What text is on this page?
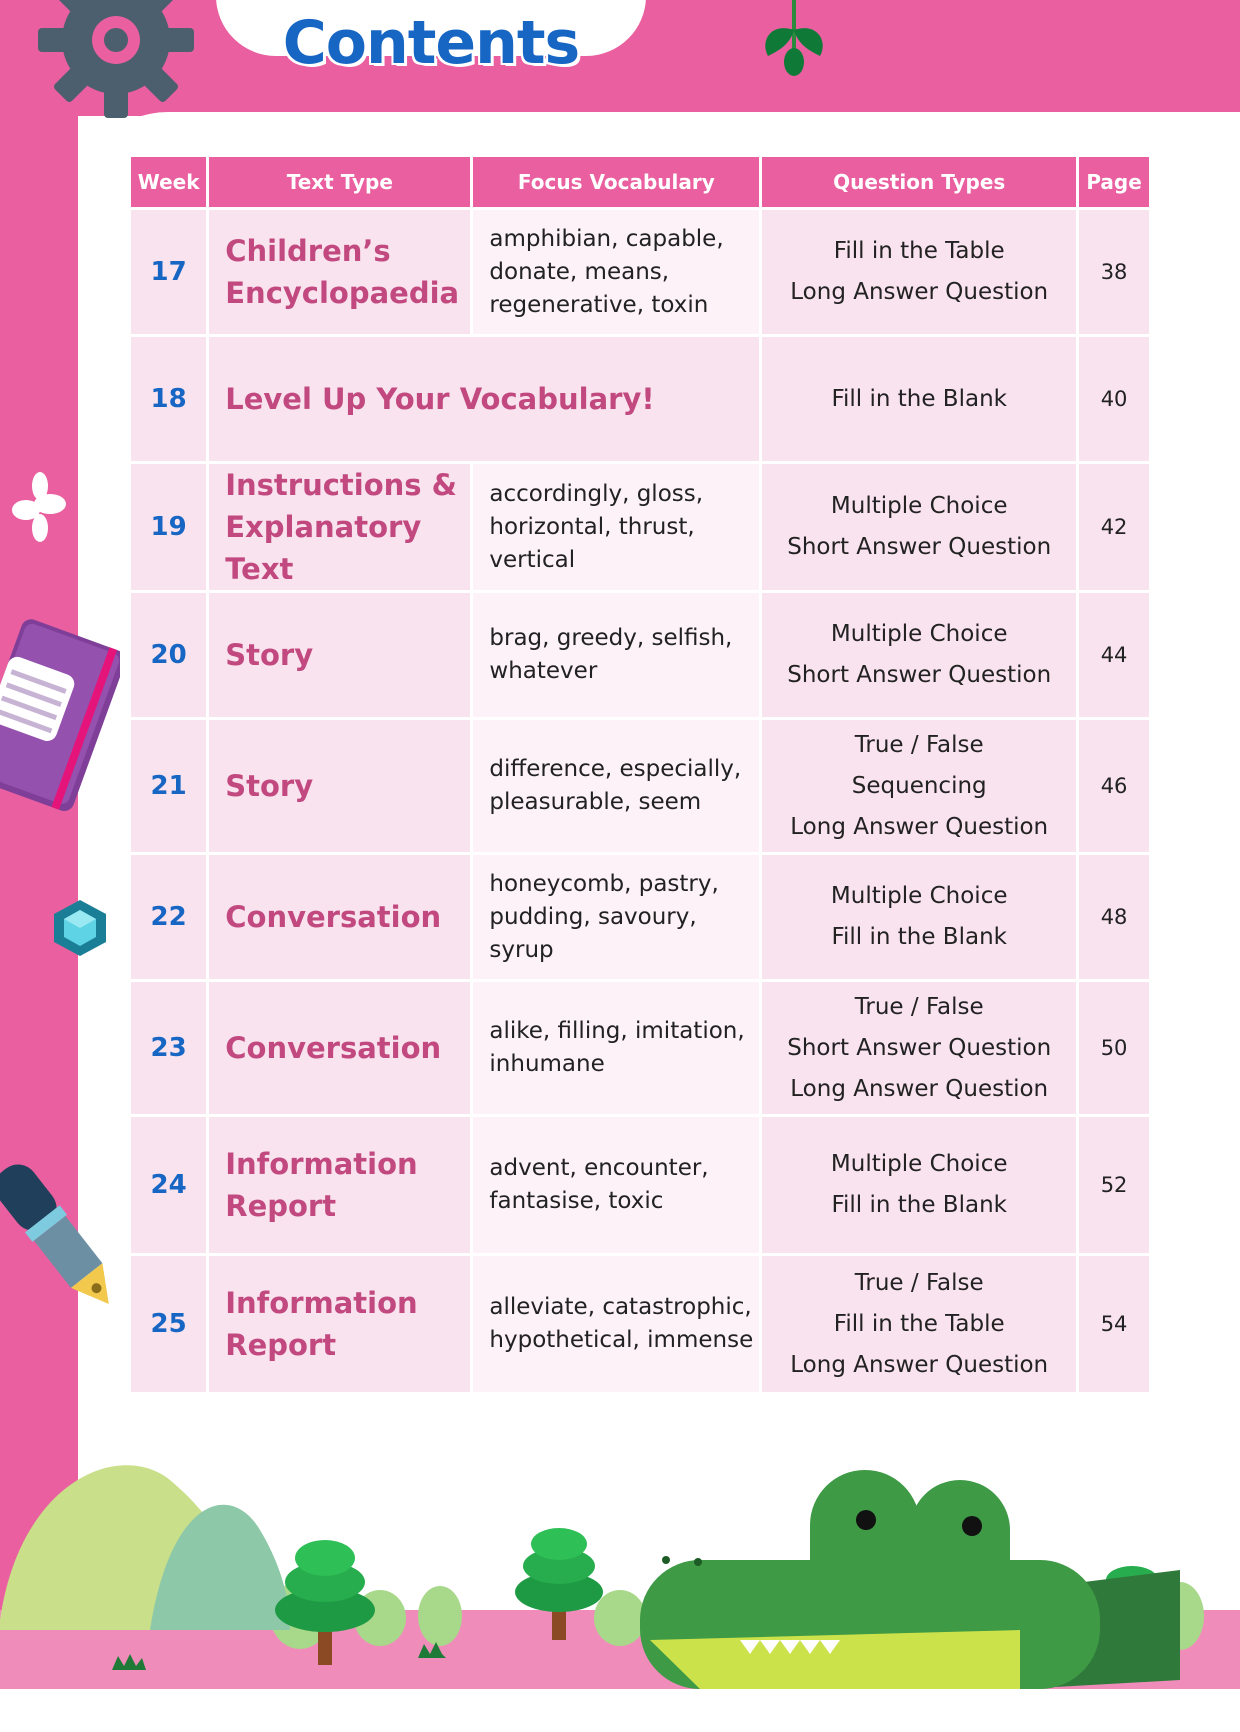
Contents
Week	Text Type	Focus Vocabulary	Question Types	Page
17	Children’s Encyclopaedia	amphibian, capable, donate, means, regenerative, toxin	Fill in the Table
Long Answer Question	38
18	Level Up Your Vocabulary!		Fill in the Blank	40
19	Instructions & Explanatory Text	accordingly, gloss, horizontal, thrust, vertical	Multiple Choice
Short Answer Question	42
20	Story	brag, greedy, selfish, whatever	Multiple Choice
Short Answer Question	44
21	Story	difference, especially, pleasurable, seem	True / False
Sequencing
Long Answer Question	46
22	Conversation	honeycomb, pastry, pudding, savoury, syrup	Multiple Choice
Fill in the Blank	48
23	Conversation	alike, filling, imitation, inhumane	True / False
Short Answer Question
Long Answer Question	50
24	Information Report	advent, encounter, fantasise, toxic	Multiple Choice
Fill in the Blank	52
25	Information Report	alleviate, catastrophic, hypothetical, immense	True / False
Fill in the Table
Long Answer Question	54
